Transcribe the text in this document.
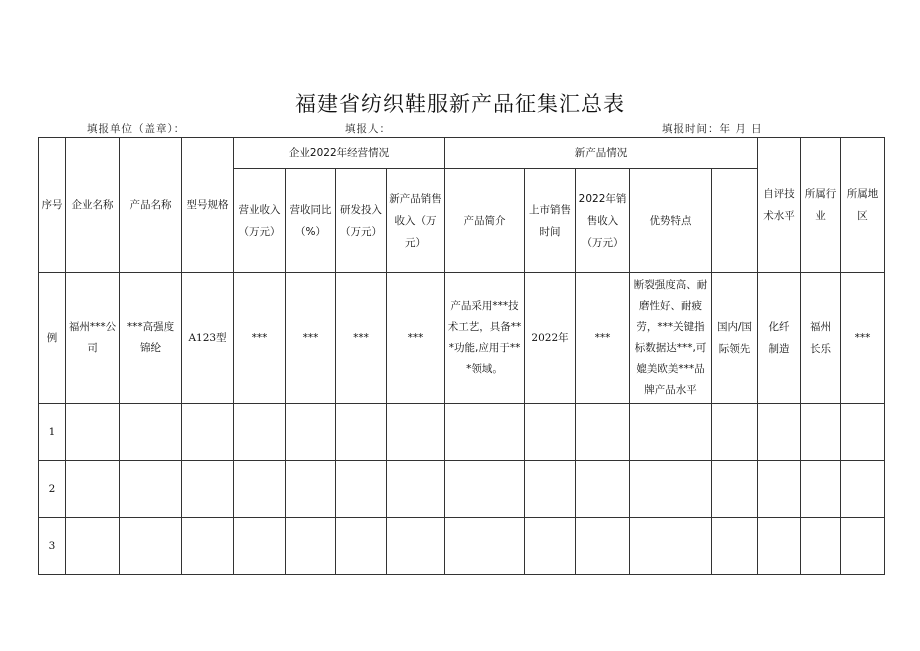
福建省纺织鞋服新产品征集汇总表
填报单位（盖章）：	填报人：	填报时间：年 月 日
序号	企业名称	产品名称	型号规格	企业2022年经营情况				新产品情况					自评技术水平	所属行业	所属地区	
				营业收入（万元）	营收同比（%）	研发投入（万元）	新产品销售收入（万元）	产品简介	上市销售时间	2022年销售收入（万元）	优势特点					

例	福州***公司	***高强度锦纶	A123型	***	***	***	***	产品采用***技术工艺，具备***功能,应用于***领域。	2022年	***	断裂强度高、耐磨性好、耐疲劳，***关键指标数据达***,可媲美欧美***品牌产品水平	国内/国际领先	化纤制造	福州长乐	***	
1																
2																
3																
